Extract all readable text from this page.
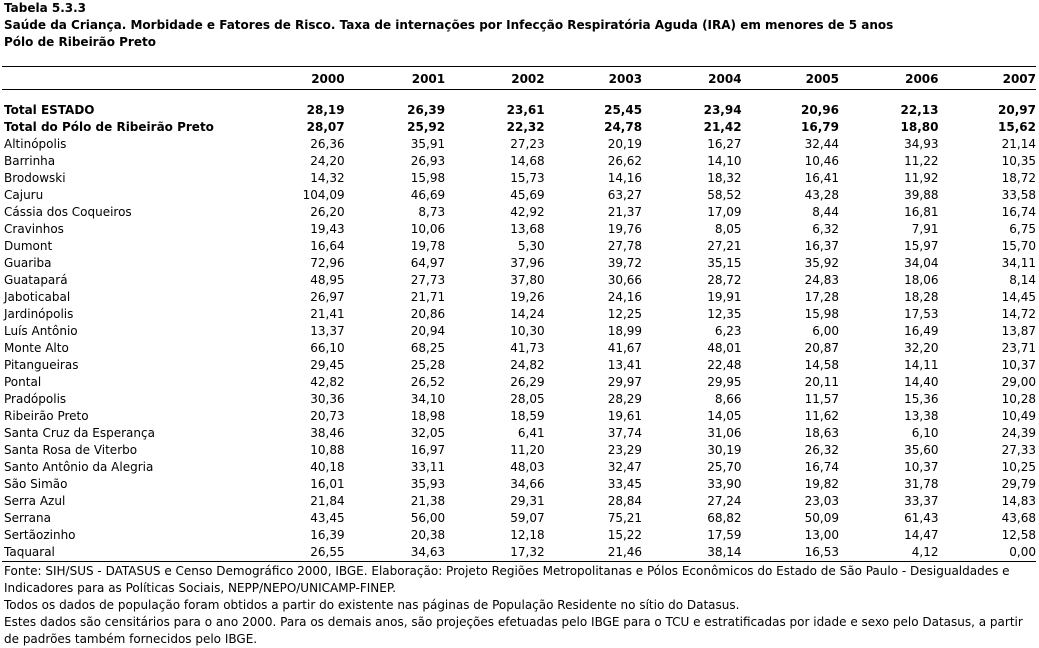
Tabela 5.3.3
Saúde da Criança. Morbidade e Fatores de Risco. Taxa de internações por Infecção Respiratória Aguda (IRA) em menores de 5 anos
Pólo de Ribeirão Preto

	2000	2001	2002	2003	2004	2005	2006	2007

Total ESTADO	28,19	26,39	23,61	25,45	23,94	20,96	22,13	20,97
Total do Pólo de Ribeirão Preto	28,07	25,92	22,32	24,78	21,42	16,79	18,80	15,62
Altinópolis	26,36	35,91	27,23	20,19	16,27	32,44	34,93	21,14
Barrinha	24,20	26,93	14,68	26,62	14,10	10,46	11,22	10,35
Brodowski	14,32	15,98	15,73	14,16	18,32	16,41	11,92	18,72
Cajuru	104,09	46,69	45,69	63,27	58,52	43,28	39,88	33,58
Cássia dos Coqueiros	26,20	8,73	42,92	21,37	17,09	8,44	16,81	16,74
Cravinhos	19,43	10,06	13,68	19,76	8,05	6,32	7,91	6,75
Dumont	16,64	19,78	5,30	27,78	27,21	16,37	15,97	15,70
Guariba	72,96	64,97	37,96	39,72	35,15	35,92	34,04	34,11
Guatapará	48,95	27,73	37,80	30,66	28,72	24,83	18,06	8,14
Jaboticabal	26,97	21,71	19,26	24,16	19,91	17,28	18,28	14,45
Jardinópolis	21,41	20,86	14,24	12,25	12,35	15,98	17,53	14,72
Luís Antônio	13,37	20,94	10,30	18,99	6,23	6,00	16,49	13,87
Monte Alto	66,10	68,25	41,73	41,67	48,01	20,87	32,20	23,71
Pitangueiras	29,45	25,28	24,82	13,41	22,48	14,58	14,11	10,37
Pontal	42,82	26,52	26,29	29,97	29,95	20,11	14,40	29,00
Pradópolis	30,36	34,10	28,05	28,29	8,66	11,57	15,36	10,28
Ribeirão Preto	20,73	18,98	18,59	19,61	14,05	11,62	13,38	10,49
Santa Cruz da Esperança	38,46	32,05	6,41	37,74	31,06	18,63	6,10	24,39
Santa Rosa de Viterbo	10,88	16,97	11,20	23,29	30,19	26,32	35,60	27,33
Santo Antônio da Alegria	40,18	33,11	48,03	32,47	25,70	16,74	10,37	10,25
São Simão	16,01	35,93	34,66	33,45	33,90	19,82	31,78	29,79
Serra Azul	21,84	21,38	29,31	28,84	27,24	23,03	33,37	14,83
Serrana	43,45	56,00	59,07	75,21	68,82	50,09	61,43	43,68
Sertãozinho	16,39	20,38	12,18	15,22	17,59	13,00	14,47	12,58
Taquaral	26,55	34,63	17,32	21,46	38,14	16,53	4,12	0,00

Fonte: SIH/SUS - DATASUS e Censo Demográfico 2000, IBGE. Elaboração: Projeto Regiões Metropolitanas e Pólos Econômicos do Estado de São Paulo - Desigualdades e Indicadores para as Políticas Sociais, NEPP/NEPO/UNICAMP-FINEP.

Todos os dados de população foram obtidos a partir do existente nas páginas de População Residente no sítio do Datasus.

Estes dados são censitários para o ano 2000. Para os demais anos, são projeções efetuadas pelo IBGE para o TCU e estratificadas por idade e sexo pelo Datasus, a partir de padrões também fornecidos pelo IBGE.
